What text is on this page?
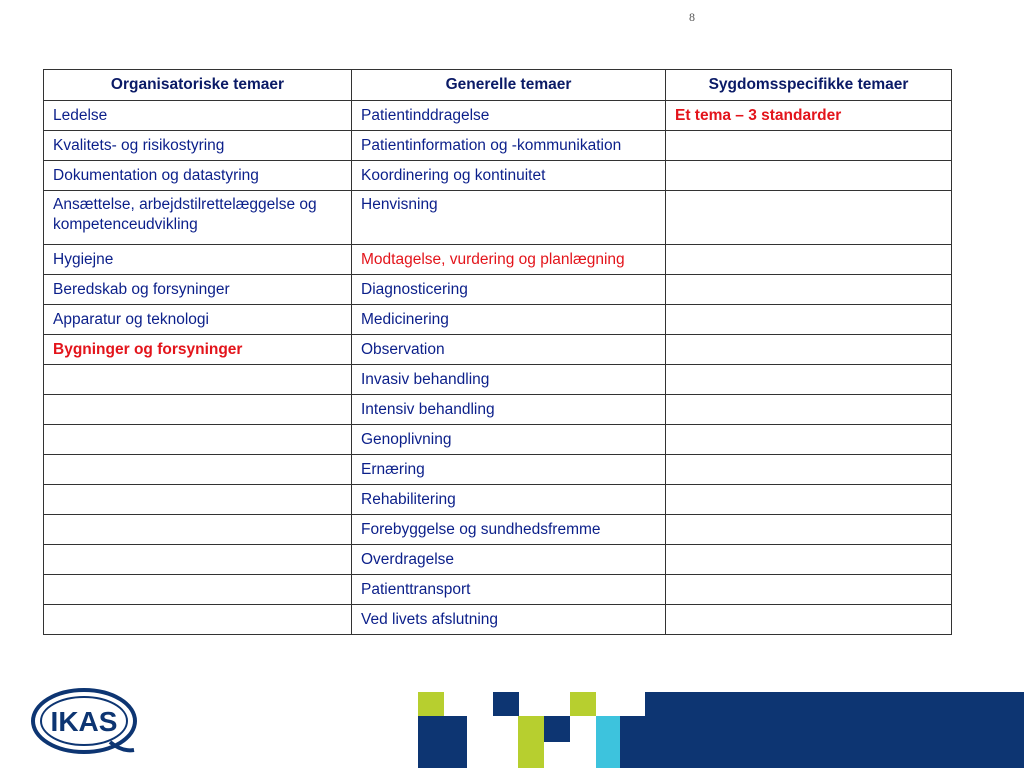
8
Organisatoriske temaer	Generelle temaer	Sygdomsspecifikke temaer
Ledelse	Patientinddragelse	Et tema – 3 standarder
Kvalitets- og risikostyring	Patientinformation og -kommunikation	
Dokumentation og datastyring	Koordinering og kontinuitet	
Ansættelse, arbejdstilrettelæggelse og kompetenceudvikling	Henvisning	
Hygiejne	Modtagelse, vurdering og planlægning	
Beredskab og forsyninger	Diagnosticering	
Apparatur og teknologi	Medicinering	
Bygninger og forsyninger	Observation	
	Invasiv behandling	
	Intensiv behandling	
	Genoplivning	
	Ernæring	
	Rehabilitering	
	Forebyggelse og sundhedsfremme	
	Overdragelse	
	Patienttransport	
	Ved livets afslutning	
IKAS
